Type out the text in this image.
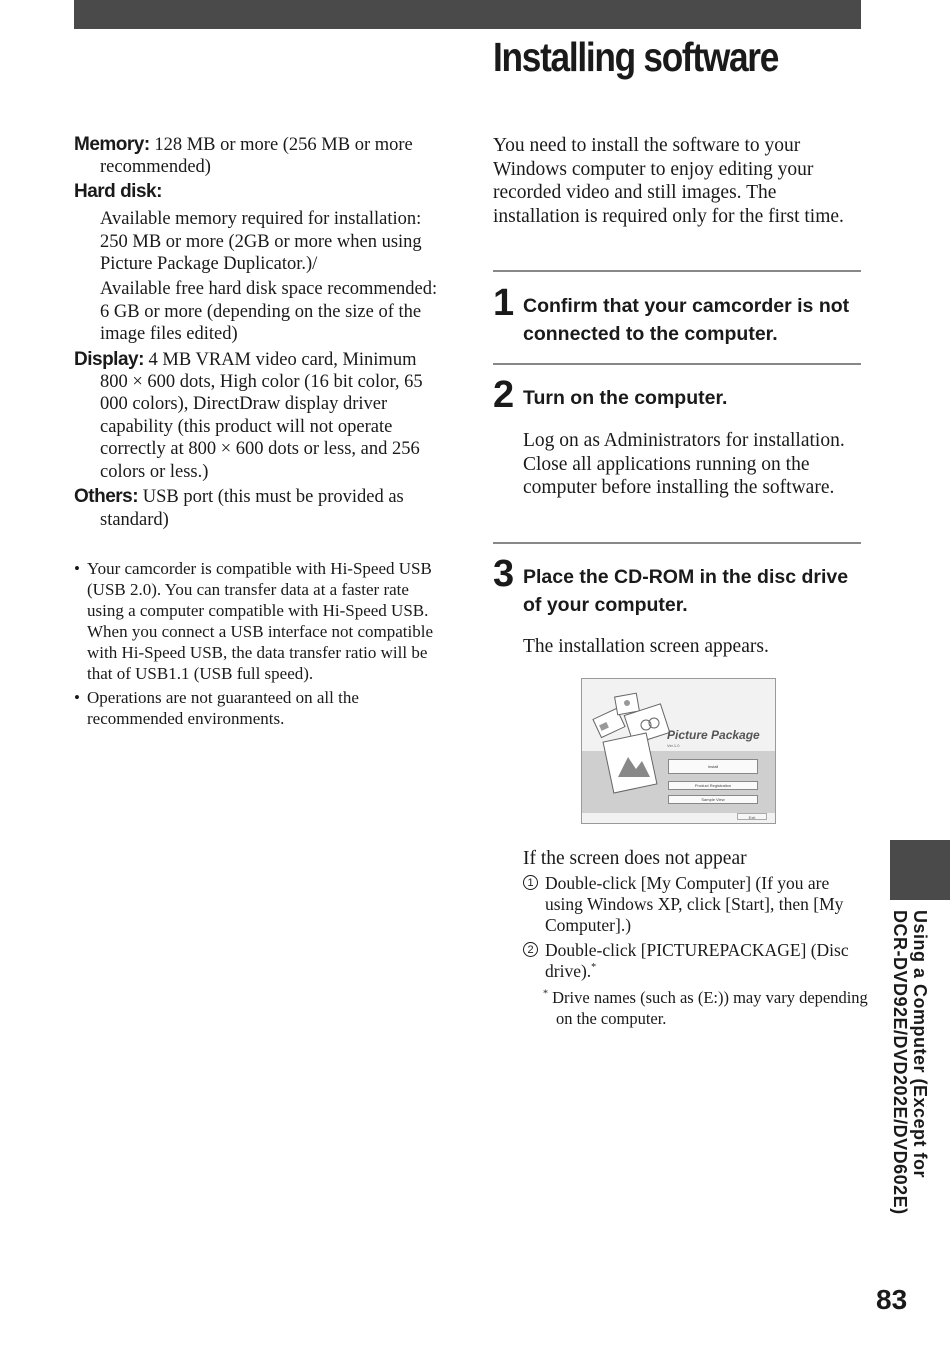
Installing software

Memory: 128 MB or more (256 MB or more recommended)

Hard disk:

Available memory required for installation: 250 MB or more (2GB or more when using Picture Package Duplicator.)/

Available free hard disk space recommended: 6 GB or more (depending on the size of the image files edited)

Display: 4 MB VRAM video card, Minimum 800 × 600 dots, High color (16 bit color, 65 000 colors), DirectDraw display driver capability (this product will not operate correctly at 800 × 600 dots or less, and 256 colors or less.)

Others: USB port (this must be provided as standard)

• Your camcorder is compatible with Hi-Speed USB (USB 2.0). You can transfer data at a faster rate using a computer compatible with Hi-Speed USB. When you connect a USB interface not compatible with Hi-Speed USB, the data transfer ratio will be that of USB1.1 (USB full speed).
• Operations are not guaranteed on all the recommended environments.

You need to install the software to your Windows computer to enjoy editing your recorded video and still images. The installation is required only for the first time.

1 Confirm that your camcorder is not connected to the computer.

2 Turn on the computer.

Log on as Administrators for installation.
Close all applications running on the computer before installing the software.

3 Place the CD-ROM in the disc drive of your computer.

The installation screen appears.

Picture Package
Ver.1.0
Install
Product Registration
Sample View
Exit

If the screen does not appear

1 Double-click [My Computer] (If you are using Windows XP, click [Start], then [My Computer].)
2 Double-click [PICTUREPACKAGE] (Disc drive).*

* Drive names (such as (E:)) may vary depending on the computer.

Using a Computer (Except for
DCR-DVD92E/DVD202E/DVD602E)
83
